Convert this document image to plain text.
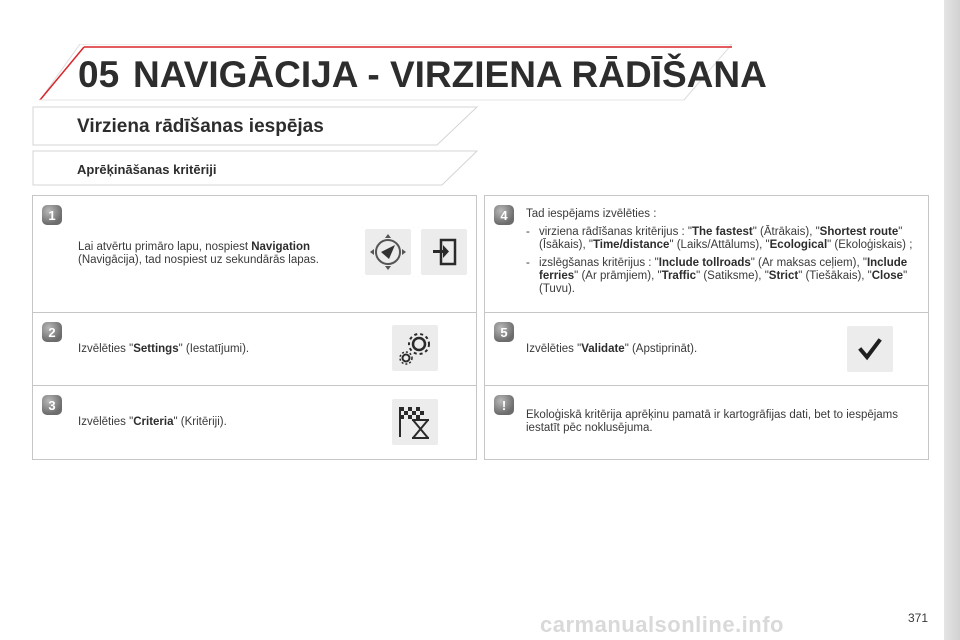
05 NAVIGĀCIJA - VIRZIENA RĀDĪŠANA
Virziena rādīšanas iespējas
Aprēķināšanas kritēriji
1
Lai atvērtu primāro lapu, nospiest Navigation
(Navigācija), tad nospiest uz sekundārās lapas.
2
Izvēlēties "Settings" (Iestatījumi).
3
Izvēlēties "Criteria" (Kritēriji).
4	Tad iespējams izvēlēties :
- virziena rādīšanas kritērijus : "The fastest" (Ātrākais), "Shortest route" (Īsākais), "Time/distance" (Laiks/Attālums), "Ecological" (Ekoloģiskais) ;
- izslēgšanas kritērijus : "Include tollroads" (Ar maksas ceļiem), "Include ferries" (Ar prāmjiem), "Traffic" (Satiksme), "Strict" (Tiešākais), "Close" (Tuvu).
5
Izvēlēties "Validate" (Apstiprināt).
!
Ekoloģiskā kritērija aprēķinu pamatā ir kartogrāfijas dati, bet to iespējams iestatīt pēc noklusējuma.
carmanualsonline.info	371
